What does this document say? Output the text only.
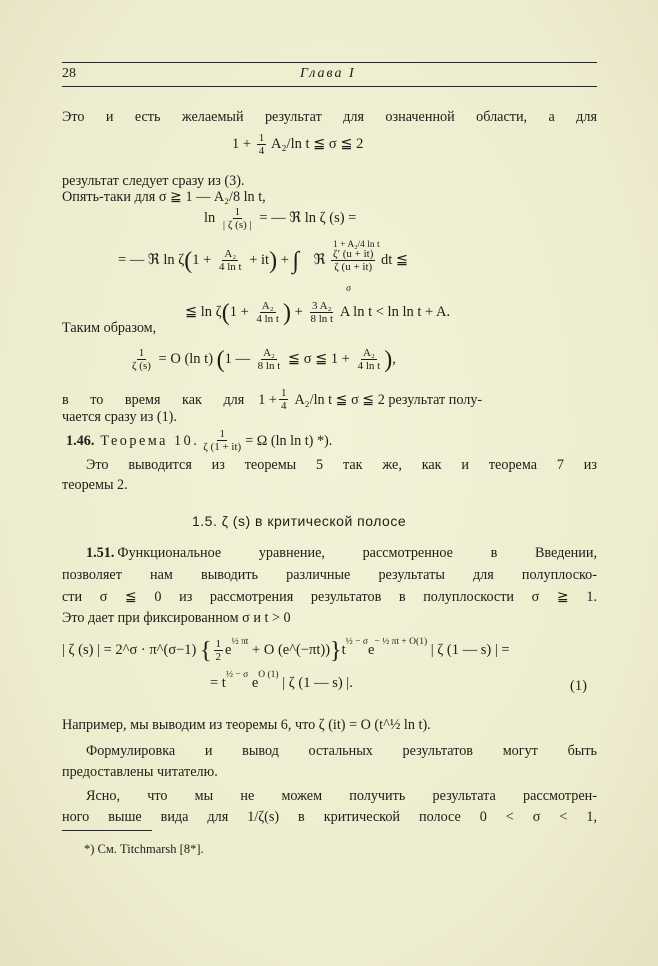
28	Глава I
Это и есть желаемый результат для означенной области, а для
$1 + \frac{1}{4} A_2/\ln$ t ≦ σ ≦ 2
результат следует сразу из (3).
Опять-таки для σ ≧ 1 — A₂/8 ln t,
$\ln \frac{1}{| \zeta (s) |}$ = — ℜ ln ζ (s) =
1 + A₂/4 ln t
= — ℜ ln ζ ( $1 + \frac{\text{A₂}}{\text{4 ln t}}$ + it ) + ∫ ℜ $\frac{\zeta' (u + it)}{\zeta (u + it)}$ dt ≦
σ
≦ ln ζ ( $1 + \frac{\text{A₂}}{\text{4 ln t}}$ ) + $\frac{\text{3 A₂}}{\text{8 ln t}}$ A ln t < ln ln t + A.
Таким образом,
$\frac{1}{\zeta (s)} = O$ (ln t) ( 1 — $\frac{\text{A₂}}{\text{8 ln t}}$ ≦ σ ≦ $1 + \frac{\text{A₂}}{\text{4 ln t}}$ ) ,
в то время как для $1 + \frac{1}{4} A_2/\ln$ t ≦ σ ≦ 2 результат полу-
чается сразу из (1).
1.46. Теорема 10. $\frac{1}{\zeta (1 + it)} = \Omega$ (ln ln t) *).
Это выводится из теоремы 5 так же, как и теорема 7 из
теоремы 2.
1.5. ζ (s) в критической полосе
1.51. Функциональное уравнение, рассмотренное в Введении,
позволяет нам выводить различные результаты для полуплоско-
сти σ ≦ 0 из рассмотрения результатов в полуплоскости σ ≧ 1.
Это дает при фиксированном σ и t > 0
| ζ (s) | = 2^σ · π^(σ−1) { $\frac{1}{2}$ e
½ πt
+ O (e^(−πt)) } t
½ − σ
e
− ½ πt + O(1)
| ζ (1 — s) | =
= t
½ − σ
e
O (1)
| ζ (1 — s) |.	(1)
Например, мы выводим из теоремы 6, что ζ (it) = O (t^½ ln t).
Формулировка и вывод остальных результатов могут быть
предоставлены читателю.
Ясно, что мы не можем получить результата рассмотрен-
ного выше вида для 1/ζ(s) в критической полосе 0 < σ < 1,
*) См. Titchmarsh [8*].
